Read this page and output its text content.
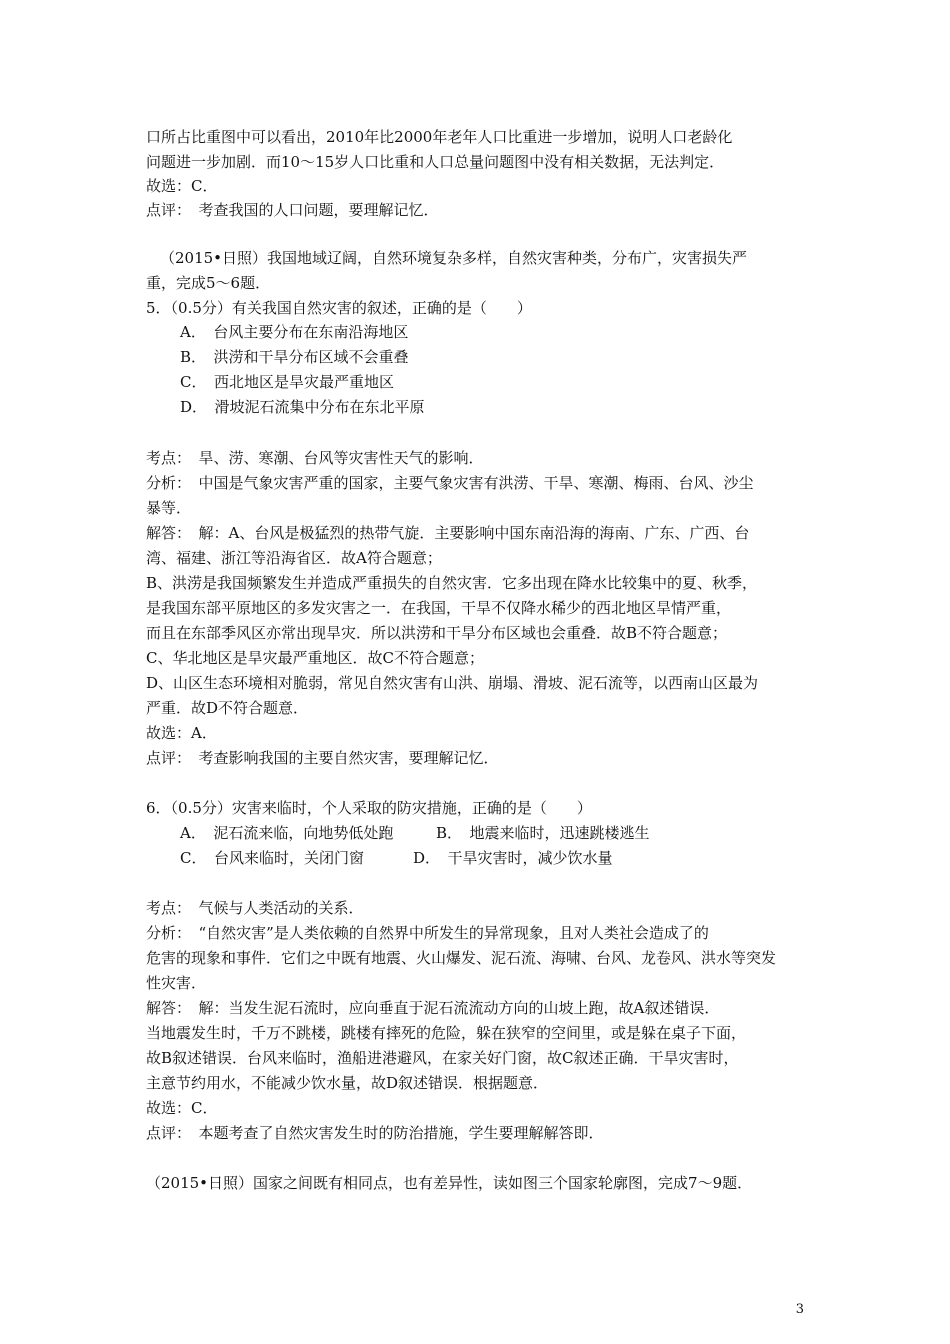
口所占比重图中可以看出，2010年比2000年老年人口比重进一步增加，说明人口老龄化
问题进一步加剧．而10～15岁人口比重和人口总量问题图中没有相关数据，无法判定．
故选：C．
点评：　考查我国的人口问题，要理解记忆．
（2015•日照）我国地域辽阔，自然环境复杂多样，自然灾害种类，分布广，灾害损失严
重，完成5～6题．
5．（0.5分）有关我国自然灾害的叙述，正确的是（　　）
A．　台风主要分布在东南沿海地区
B．　洪涝和干旱分布区域不会重叠
C．　西北地区是旱灾最严重地区
D．　滑坡泥石流集中分布在东北平原
考点：　旱、涝、寒潮、台风等灾害性天气的影响．
分析：　中国是气象灾害严重的国家，主要气象灾害有洪涝、干旱、寒潮、梅雨、台风、沙尘
暴等．
解答：　解：A、台风是极猛烈的热带气旋．主要影响中国东南沿海的海南、广东、广西、台
湾、福建、浙江等沿海省区．故A符合题意；
B、洪涝是我国频繁发生并造成严重损失的自然灾害．它多出现在降水比较集中的夏、秋季，
是我国东部平原地区的多发灾害之一．在我国，干旱不仅降水稀少的西北地区旱情严重，
而且在东部季风区亦常出现旱灾．所以洪涝和干旱分布区域也会重叠．故B不符合题意；
C、华北地区是旱灾最严重地区．故C不符合题意；
D、山区生态环境相对脆弱，常见自然灾害有山洪、崩塌、滑坡、泥石流等，以西南山区最为
严重．故D不符合题意．
故选：A．
点评：　考查影响我国的主要自然灾害，要理解记忆．
6．（0.5分）灾害来临时，个人采取的防灾措施，正确的是（　　）
A．　泥石流来临，向地势低处跑	B．　地震来临时，迅速跳楼逃生
C．　台风来临时，关闭门窗	D．　干旱灾害时，减少饮水量
考点：　气候与人类活动的关系．
分析：　“自然灾害”是人类依赖的自然界中所发生的异常现象，且对人类社会造成了的
危害的现象和事件．它们之中既有地震、火山爆发、泥石流、海啸、台风、龙卷风、洪水等突发
性灾害．
解答：　解：当发生泥石流时，应向垂直于泥石流流动方向的山坡上跑，故A叙述错误．
当地震发生时，千万不跳楼，跳楼有摔死的危险，躲在狭窄的空间里，或是躲在桌子下面，
故B叙述错误．台风来临时，渔船进港避风，在家关好门窗，故C叙述正确．干旱灾害时，
主意节约用水，不能减少饮水量，故D叙述错误．根据题意．
故选：C．
点评：　本题考查了自然灾害发生时的防治措施，学生要理解解答即．
（2015•日照）国家之间既有相同点，也有差异性，读如图三个国家轮廓图，完成7～9题．
3
